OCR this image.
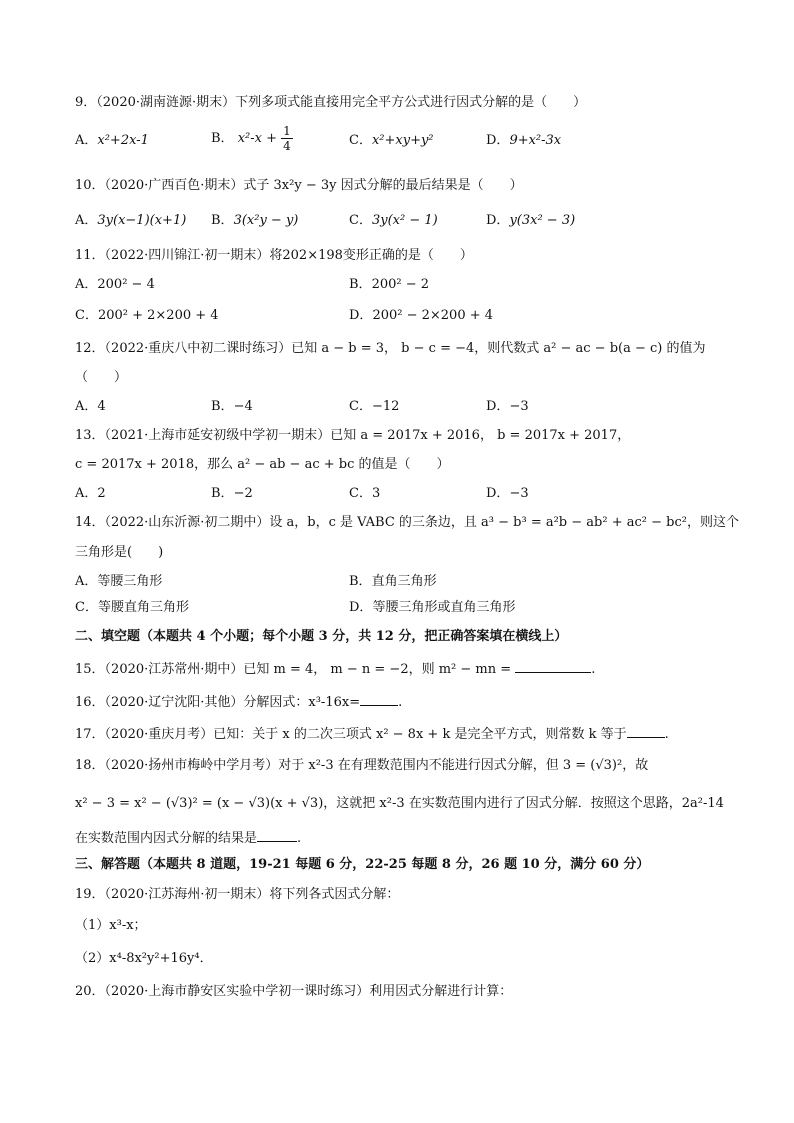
9．（2020·湖南涟源·期末）下列多项式能直接用完全平方公式进行因式分解的是（　　）
A．x²+2x-1	B． $x^2-x + \frac{1}{4}$	C．x²+xy+y²	D．9+x²-3x
10．（2020·广西百色·期末）式子 3x²y − 3y 因式分解的最后结果是（　　）
A．3y(x−1)(x+1) B．3(x²y − y)	C．3y(x² − 1)	D．y(3x² − 3)
11．（2022·四川锦江·初一期末）将202×198变形正确的是（　　）
A．200² − 4	B．200² − 2
C．200² + 2×200 + 4	D．200² − 2×200 + 4
12．（2022·重庆八中初二课时练习）已知 a − b = 3， b − c = −4，则代数式 a² − ac − b(a − c) 的值为
（　　）
A．4	B．−4	C．−12	D．−3
13．（2021·上海市延安初级中学初一期末）已知 a = 2017x + 2016， b = 2017x + 2017，
c = 2017x + 2018，那么 a² − ab − ac + bc 的值是（　　）
A．2	B．−2	C．3	D．−3
14．（2022·山东沂源·初二期中）设 a，b，c 是 VABC 的三条边，且 a³ − b³ = a²b − ab² + ac² − bc²，则这个
三角形是(　　)
A．等腰三角形	B．直角三角形
C．等腰直角三角形	D．等腰三角形或直角三角形
二、填空题（本题共 4 个小题；每个小题 3 分，共 12 分，把正确答案填在横线上）
15．（2020·江苏常州·期中）已知 m = 4， m − n = −2，则 m² − mn =	.
16．（2020·辽宁沈阳·其他）分解因式：x³-16x=	.
17．（2020·重庆月考）已知：关于 x 的二次三项式 x² − 8x + k 是完全平方式，则常数 k 等于	.
18．（2020·扬州市梅岭中学月考）对于 x²-3 在有理数范围内不能进行因式分解，但 3 = (√3)²，故
x² − 3 = x² − (√3)² = (x − √3)(x + √3)，这就把 x²-3 在实数范围内进行了因式分解．按照这个思路，2a²-14
在实数范围内因式分解的结果是	.
三、解答题（本题共 8 道题，19-21 每题 6 分，22-25 每题 8 分，26 题 10 分，满分 60 分）
19．（2020·江苏海州·初一期末）将下列各式因式分解：
（1）x³-x；
（2）x⁴-8x²y²+16y⁴．
20．（2020·上海市静安区实验中学初一课时练习）利用因式分解进行计算：
